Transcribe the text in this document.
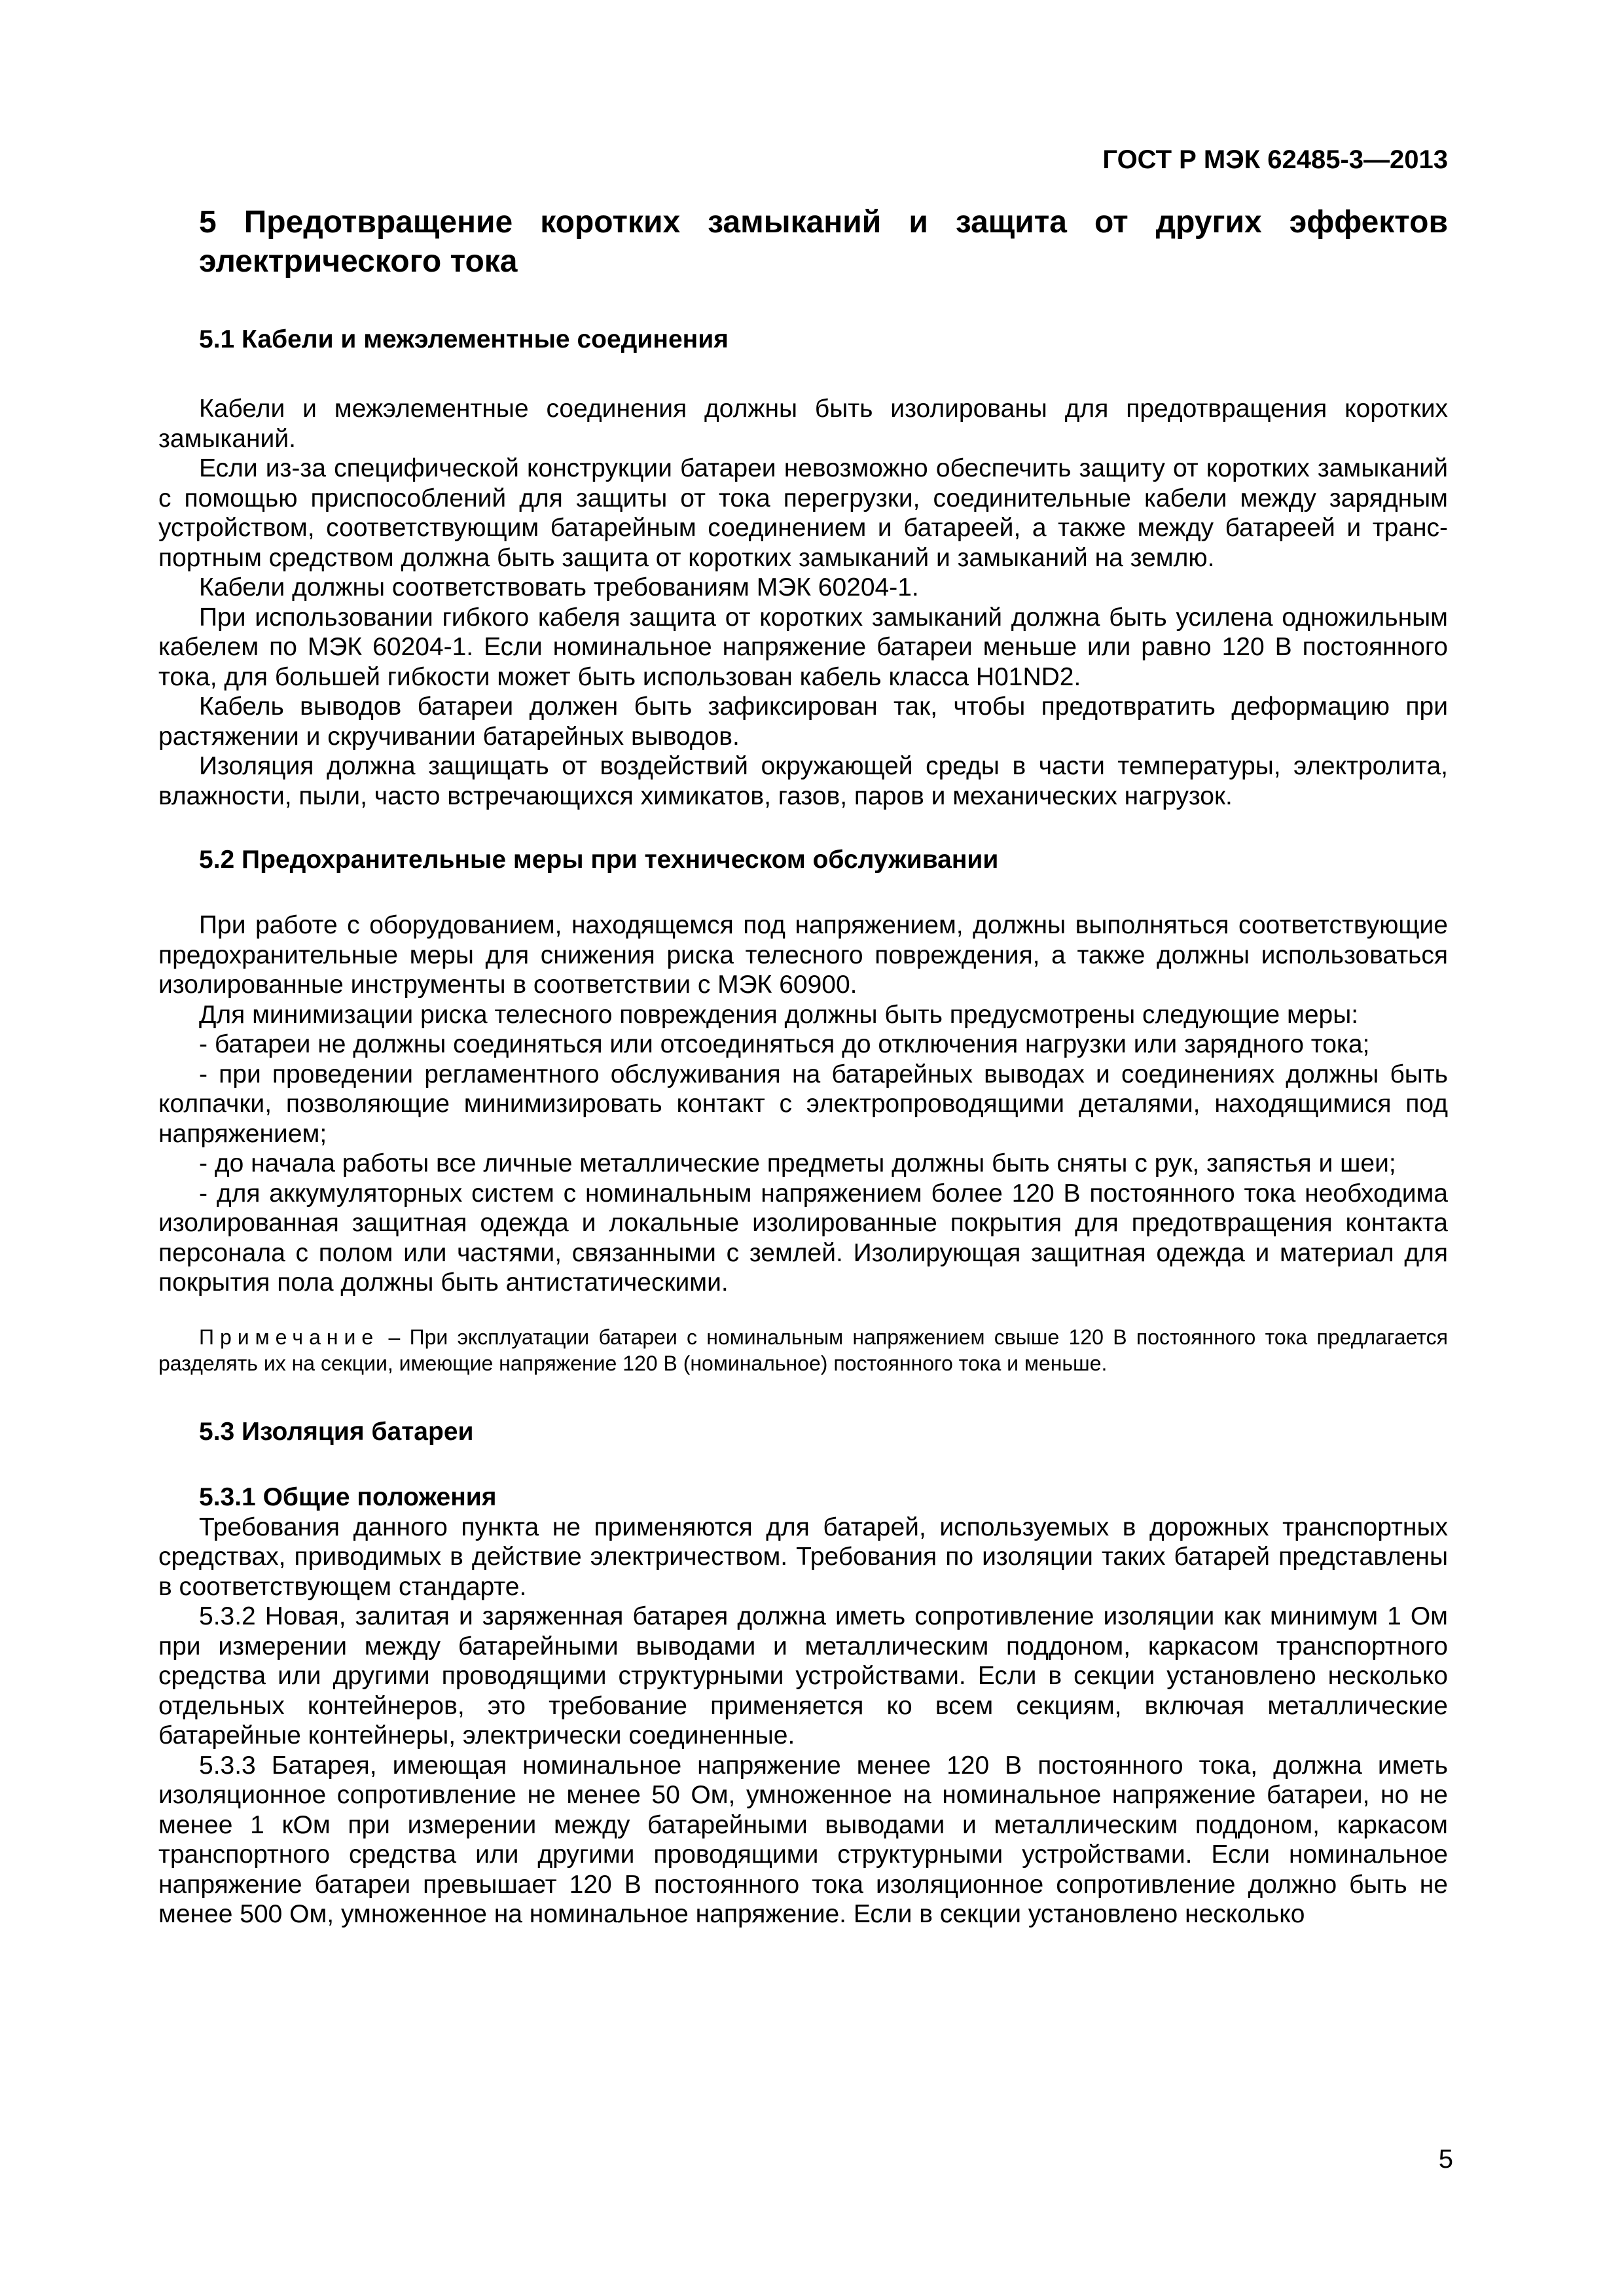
ГОСТ Р МЭК 62485-3—2013
5 Предотвращение коротких замыканий и защита от других эффектов электрического тока
5.1 Кабели и межэлементные соединения

Кабели и межэлементные соединения должны быть изолированы для предотвращения коротких замыканий.

Если из-за специфической конструкции батареи невозможно обеспечить защиту от коротких замыканий с помощью приспособлений для защиты от тока перегрузки, соединительные кабели между зарядным устройством, соответствующим батарейным соединением и батареей, а также между батареей и транс-портным средством должна быть защита от коротких замыканий и замыканий на землю.

Кабели должны соответствовать требованиям МЭК 60204-1.

При использовании гибкого кабеля защита от коротких замыканий должна быть усилена одножильным кабелем по МЭК 60204-1. Если номинальное напряжение батареи меньше или равно 120 В постоянного тока, для большей гибкости может быть использован кабель класса H01ND2.

Кабель выводов батареи должен быть зафиксирован так, чтобы предотвратить деформацию при растяжении и скручивании батарейных выводов.

Изоляция должна защищать от воздействий окружающей среды в части температуры, электролита, влажности, пыли, часто встречающихся химикатов, газов, паров и механических нагрузок.

5.2 Предохранительные меры при техническом обслуживании

При работе с оборудованием, находящемся под напряжением, должны выполняться соответствующие предохранительные меры для снижения риска телесного повреждения, а также должны использоваться изолированные инструменты в соответствии с МЭК 60900.

Для минимизации риска телесного повреждения должны быть предусмотрены следующие меры:

- батареи не должны соединяться или отсоединяться до отключения нагрузки или зарядного тока;

- при проведении регламентного обслуживания на батарейных выводах и соединениях должны быть колпачки, позволяющие минимизировать контакт с электропроводящими деталями, находящимися под напряжением;

- до начала работы все личные металлические предметы должны быть сняты с рук, запястья и шеи;

- для аккумуляторных систем с номинальным напряжением более 120 В постоянного тока необходима изолированная защитная одежда и локальные изолированные покрытия для предотвращения контакта персонала с полом или частями, связанными с землей. Изолирующая защитная одежда и материал для покрытия пола должны быть антистатическими.

Примечание – При эксплуатации батареи с номинальным напряжением свыше 120 В постоянного тока предлагается разделять их на секции, имеющие напряжение 120 В (номинальное) постоянного тока и меньше.

5.3 Изоляция батареи
5.3.1 Общие положения

Требования данного пункта не применяются для батарей, используемых в дорожных транспортных средствах, приводимых в действие электричеством. Требования по изоляции таких батарей представлены в соответствующем стандарте.

5.3.2 Новая, залитая и заряженная батарея должна иметь сопротивление изоляции как минимум 1 Ом при измерении между батарейными выводами и металлическим поддоном, каркасом транспортного средства или другими проводящими структурными устройствами. Если в секции установлено несколько отдельных контейнеров, это требование применяется ко всем секциям, включая металлические батарейные контейнеры, электрически соединенные.

5.3.3 Батарея, имеющая номинальное напряжение менее 120 В постоянного тока, должна иметь изоляционное сопротивление не менее 50 Ом, умноженное на номинальное напряжение батареи, но не менее 1 кОм при измерении между батарейными выводами и металлическим поддоном, каркасом транспортного средства или другими проводящими структурными устройствами. Если номинальное напряжение батареи превышает 120 В постоянного тока изоляционное сопротивление должно быть не менее 500 Ом, умноженное на номинальное напряжение. Если в секции установлено несколько

5
